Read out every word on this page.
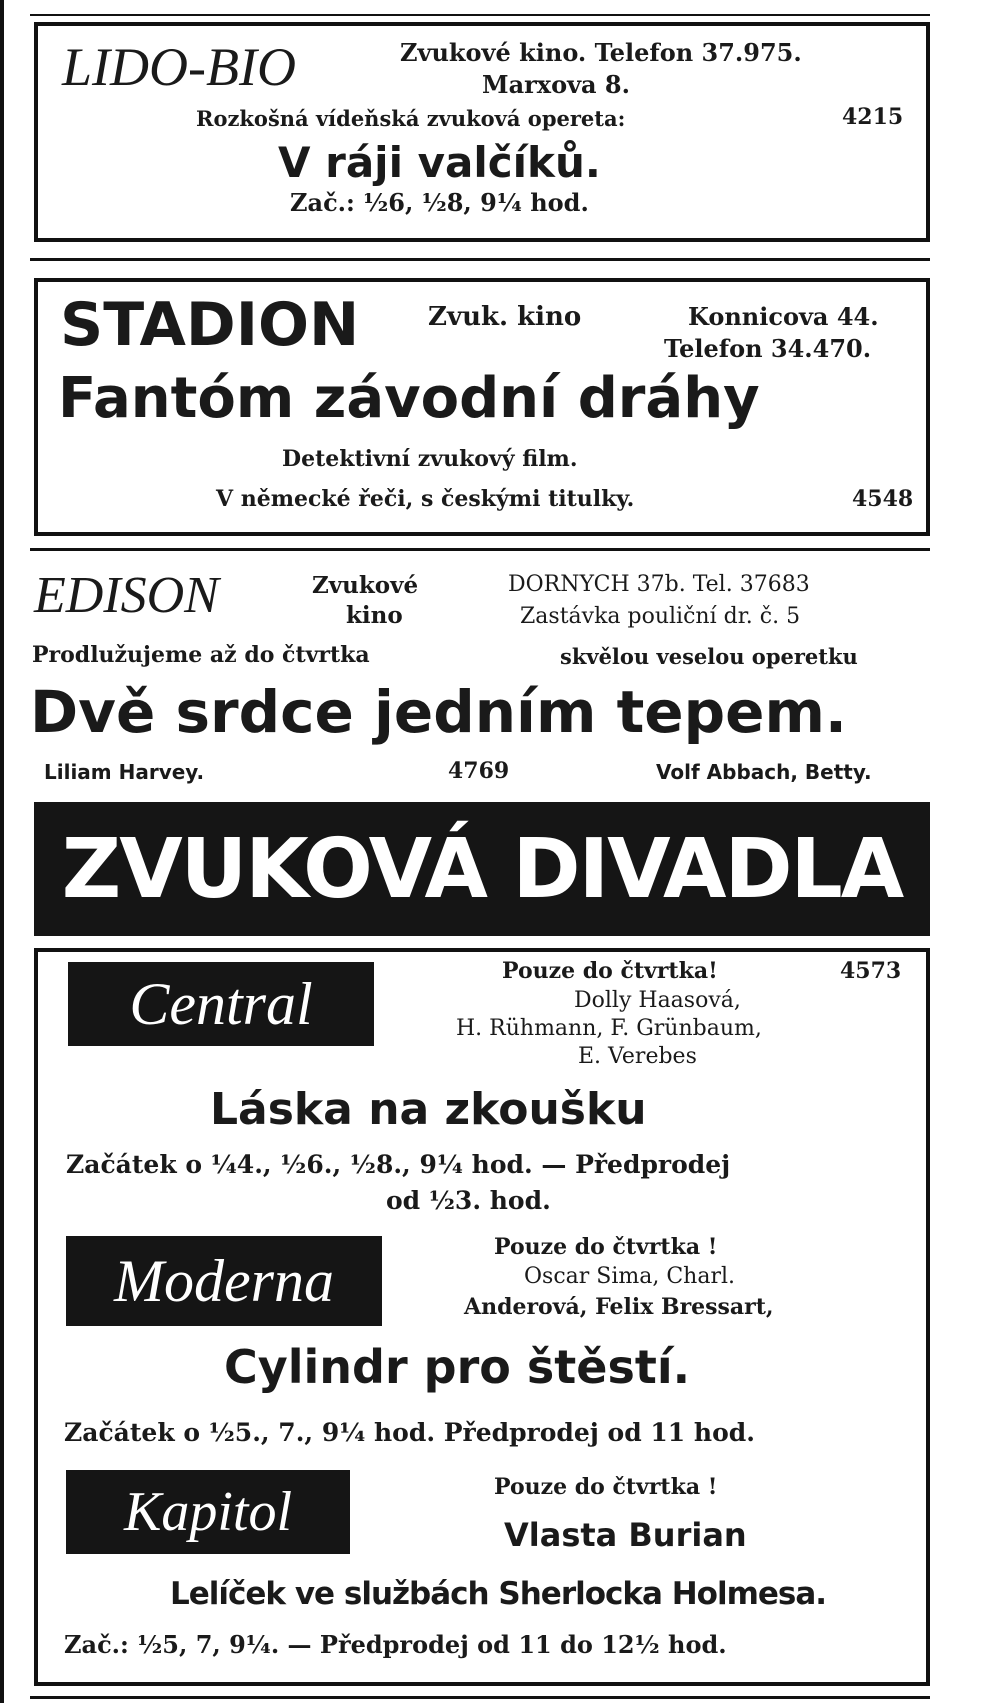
LIDO-BIO	Zvukové kino. Telefon 37.975.
Marxova 8.
Rozkošná vídeňská zvuková opereta:	4215
V ráji valčíků.
Zač.: ½6, ½8, 9¼ hod.
STADION	Zvuk. kino	Konnicova 44.
Telefon 34.470.
Fantóm závodní dráhy
Detektivní zvukový film.
V německé řeči, s českými titulky.	4548
EDISON	Zvukové
kino
DORNYCH 37b. Tel. 37683
Zastávka pouliční dr. č. 5
Prodlužujeme až do čtvrtka	skvělou veselou operetku
Dvě srdce jedním tepem.
Liliam Harvey.	4769	Volf Abbach, Betty.
ZVUKOVÁ DIVADLA
Central	Pouze do čtvrtka!	4573
Dolly Haasová,
H. Rühmann, F. Grünbaum,
E. Verebes
Láska na zkoušku
Začátek o ¼4., ½6., ½8., 9¼ hod. — Předprodej
od ½3. hod.
Moderna
Pouze do čtvrtka !
Oscar Sima, Charl.
Anderová, Felix Bressart,
Cylindr pro štěstí.
Začátek o ½5., 7., 9¼ hod. Předprodej od 11 hod.
Kapitol	Pouze do čtvrtka !
Vlasta Burian
Lelíček ve službách Sherlocka Holmesa.
Zač.: ½5, 7, 9¼. — Předprodej od 11 do 12½ hod.
